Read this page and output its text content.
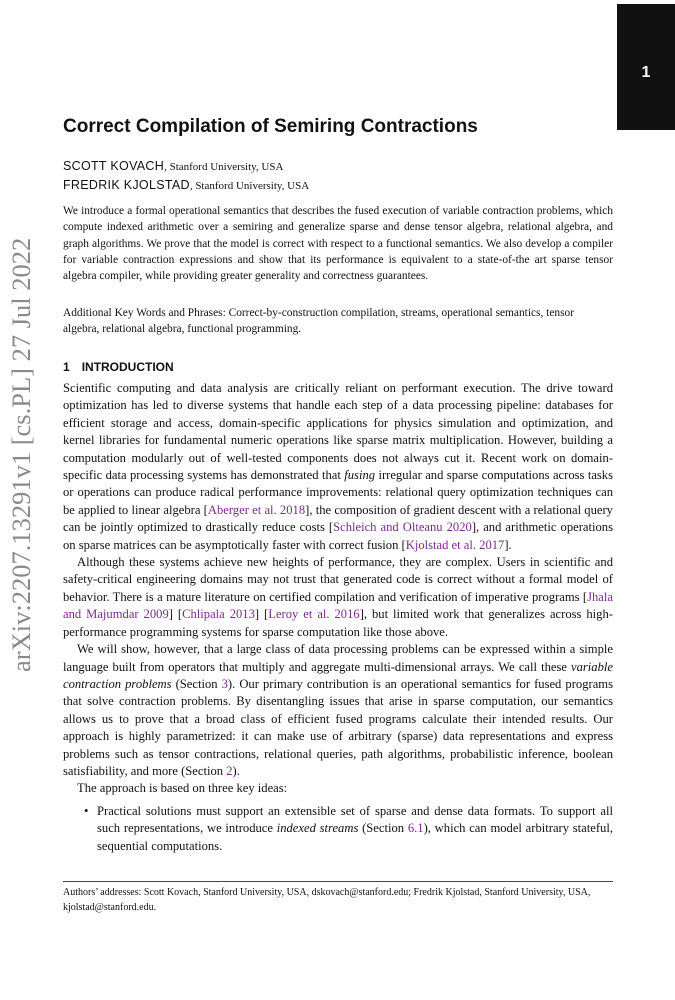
1
arXiv:2207.13291v1 [cs.PL] 27 Jul 2022
Correct Compilation of Semiring Contractions
SCOTT KOVACH, Stanford University, USA
FREDRIK KJOLSTAD, Stanford University, USA

We introduce a formal operational semantics that describes the fused execution of variable contraction problems, which compute indexed arithmetic over a semiring and generalize sparse and dense tensor algebra, relational algebra, and graph algorithms. We prove that the model is correct with respect to a functional semantics. We also develop a compiler for variable contraction expressions and show that its performance is equivalent to a state-of-the art sparse tensor algebra compiler, while providing greater generality and correctness guarantees.

Additional Key Words and Phrases: Correct-by-construction compilation, streams, operational semantics, tensor algebra, relational algebra, functional programming.

1 INTRODUCTION

Scientific computing and data analysis are critically reliant on performant execution. The drive toward optimization has led to diverse systems that handle each step of a data processing pipeline: databases for efficient storage and access, domain-specific applications for physics simulation and optimization, and kernel libraries for fundamental numeric operations like sparse matrix multiplication. However, building a computation modularly out of well-tested components does not always cut it. Recent work on domain-specific data processing systems has demonstrated that fusing irregular and sparse computations across tasks or operations can produce radical performance improvements: relational query optimization techniques can be applied to linear algebra [Aberger et al. 2018], the composition of gradient descent with a relational query can be jointly optimized to drastically reduce costs [Schleich and Olteanu 2020], and arithmetic operations on sparse matrices can be asymptotically faster with correct fusion [Kjolstad et al. 2017].

Although these systems achieve new heights of performance, they are complex. Users in scientific and safety-critical engineering domains may not trust that generated code is correct without a formal model of behavior. There is a mature literature on certified compilation and verification of imperative programs [Jhala and Majumdar 2009] [Chlipala 2013] [Leroy et al. 2016], but limited work that generalizes across high-performance programming systems for sparse computation like those above.

We will show, however, that a large class of data processing problems can be expressed within a simple language built from operators that multiply and aggregate multi-dimensional arrays. We call these variable contraction problems (Section 3). Our primary contribution is an operational semantics for fused programs that solve contraction problems. By disentangling issues that arise in sparse computation, our semantics allows us to prove that a broad class of efficient fused programs calculate their intended results. Our approach is highly parametrized: it can make use of arbitrary (sparse) data representations and express problems such as tensor contractions, relational queries, path algorithms, probabilistic inference, boolean satisfiability, and more (Section 2).

The approach is based on three key ideas:

• Practical solutions must support an extensible set of sparse and dense data formats. To support all such representations, we introduce indexed streams (Section 6.1), which can model arbitrary stateful, sequential computations.

Authors’ addresses: Scott Kovach, Stanford University, USA, dskovach@stanford.edu; Fredrik Kjolstad, Stanford University, USA, kjolstad@stanford.edu.
